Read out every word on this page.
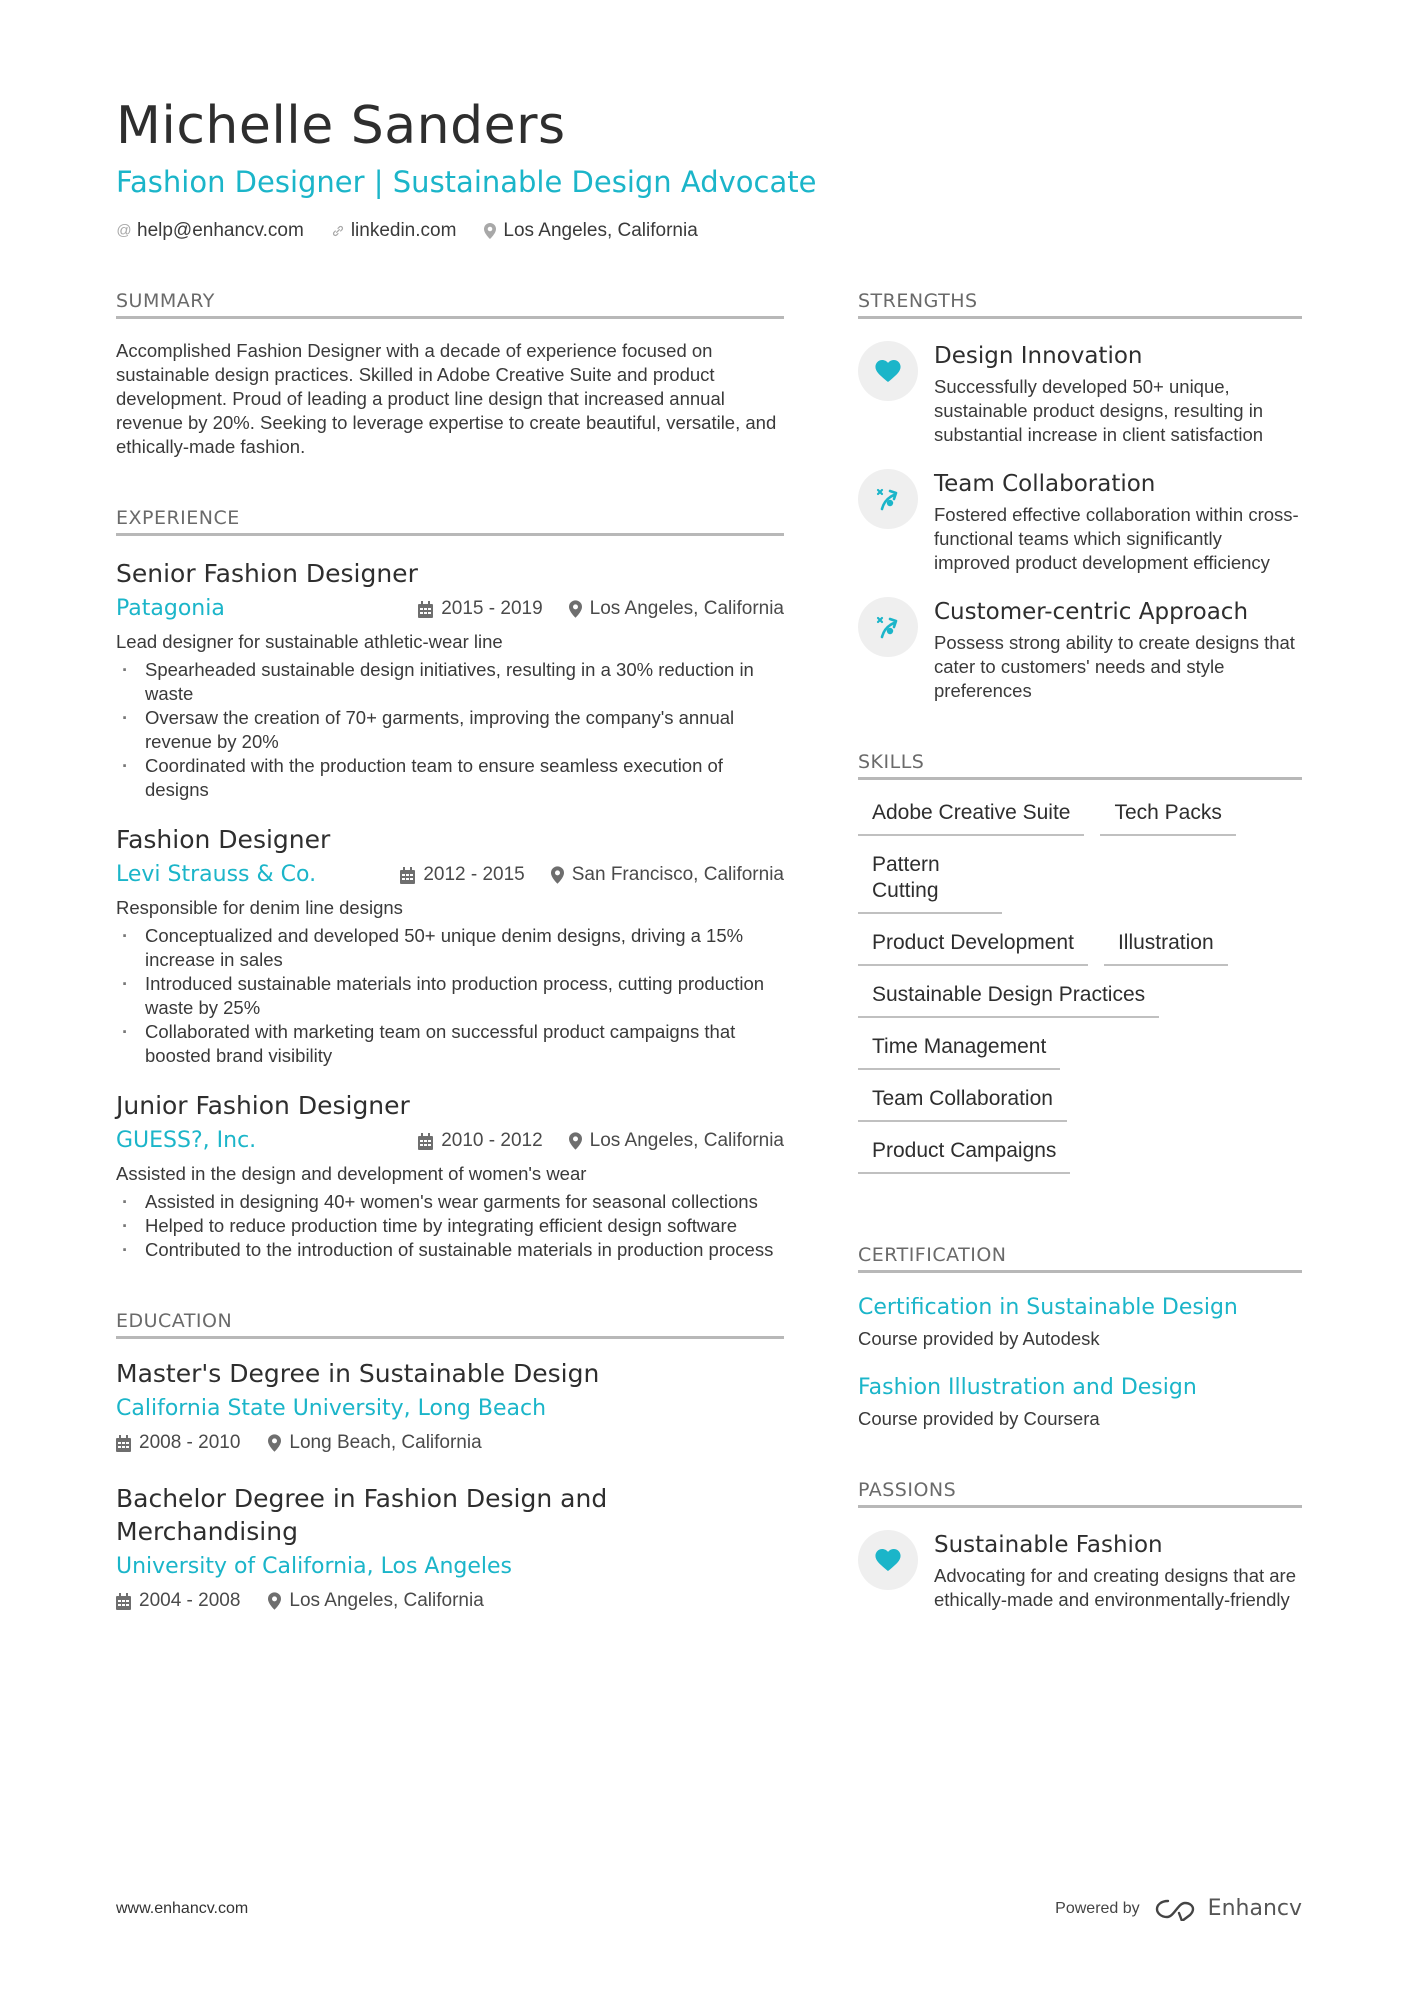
Michelle Sanders
Fashion Designer | Sustainable Design Advocate
@ help@enhancv.com linkedin.com Los Angeles, California
SUMMARY

Accomplished Fashion Designer with a decade of experience focused on sustainable design practices. Skilled in Adobe Creative Suite and product development. Proud of leading a product line design that increased annual revenue by 20%. Seeking to leverage expertise to create beautiful, versatile, and ethically-made fashion.

EXPERIENCE
Senior Fashion Designer
Patagonia	2015 - 2019 Los Angeles, California
Lead designer for sustainable athletic-wear line
· Spearheaded sustainable design initiatives, resulting in a 30% reduction in waste
· Oversaw the creation of 70+ garments, improving the company's annual revenue by 20%
· Coordinated with the production team to ensure seamless execution of designs
Fashion Designer
Levi Strauss & Co.	2012 - 2015 San Francisco, California
Responsible for denim line designs
· Conceptualized and developed 50+ unique denim designs, driving a 15% increase in sales
· Introduced sustainable materials into production process, cutting production waste by 25%
· Collaborated with marketing team on successful product campaigns that boosted brand visibility
Junior Fashion Designer
GUESS?, Inc.	2010 - 2012 Los Angeles, California
Assisted in the design and development of women's wear
· Assisted in designing 40+ women's wear garments for seasonal collections
· Helped to reduce production time by integrating efficient design software
· Contributed to the introduction of sustainable materials in production process
EDUCATION
Master's Degree in Sustainable Design
California State University, Long Beach
2008 - 2010	Long Beach, California
Bachelor Degree in Fashion Design and Merchandising
University of California, Los Angeles
2004 - 2008	Los Angeles, California
STRENGTHS
Design Innovation
Successfully developed 50+ unique, sustainable product designs, resulting in substantial increase in client satisfaction
Team Collaboration
Fostered effective collaboration within cross-functional teams which significantly improved product development efficiency
Customer-centric Approach
Possess strong ability to create designs that cater to customers' needs and style preferences
SKILLS
Adobe Creative Suite	Tech Packs
Pattern Cutting
Product Development	Illustration
Sustainable Design Practices
Time Management
Team Collaboration
Product Campaigns
CERTIFICATION
Certification in Sustainable Design
Course provided by Autodesk
Fashion Illustration and Design
Course provided by Coursera
PASSIONS
Sustainable Fashion
Advocating for and creating designs that are ethically-made and environmentally-friendly
www.enhancv.com	Powered by	Enhancv
